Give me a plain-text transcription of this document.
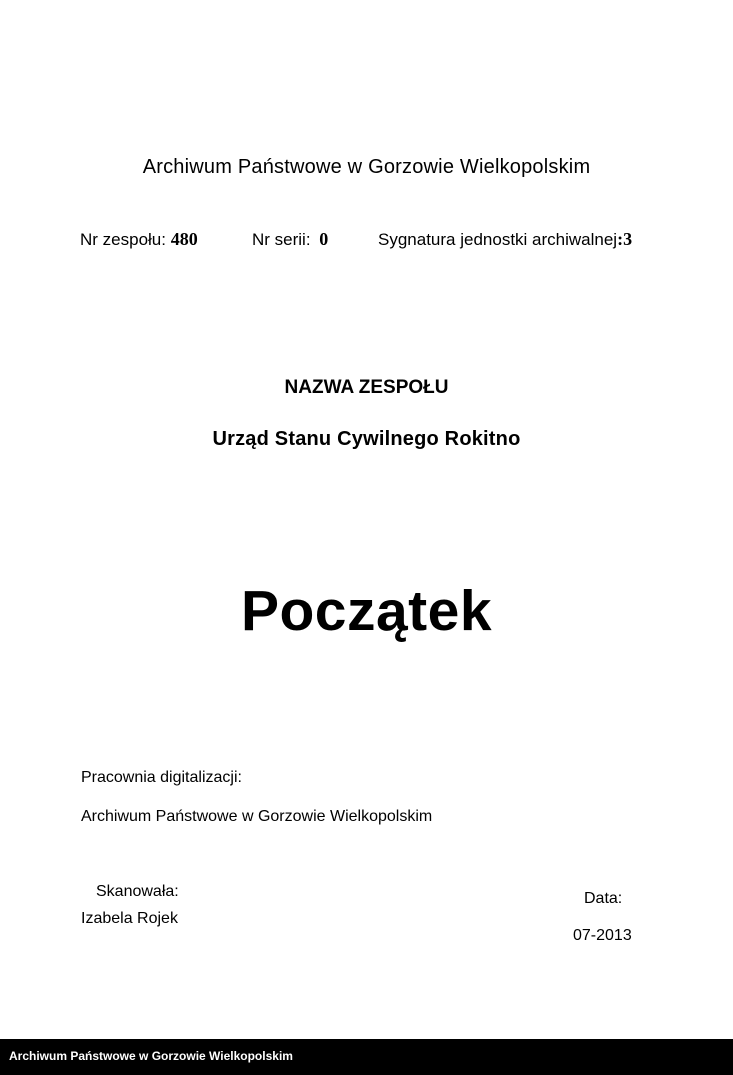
Archiwum Państwowe w Gorzowie Wielkopolskim
Nr zespołu: 480	Nr serii: 0	Sygnatura jednostki archiwalnej:3
NAZWA ZESPOŁU
Urząd Stanu Cywilnego Rokitno
Początek
Pracownia digitalizacji:
Archiwum Państwowe w Gorzowie Wielkopolskim
Skanowała:
Izabela Rojek
Data:
07-2013
Archiwum Państwowe w Gorzowie Wielkopolskim
